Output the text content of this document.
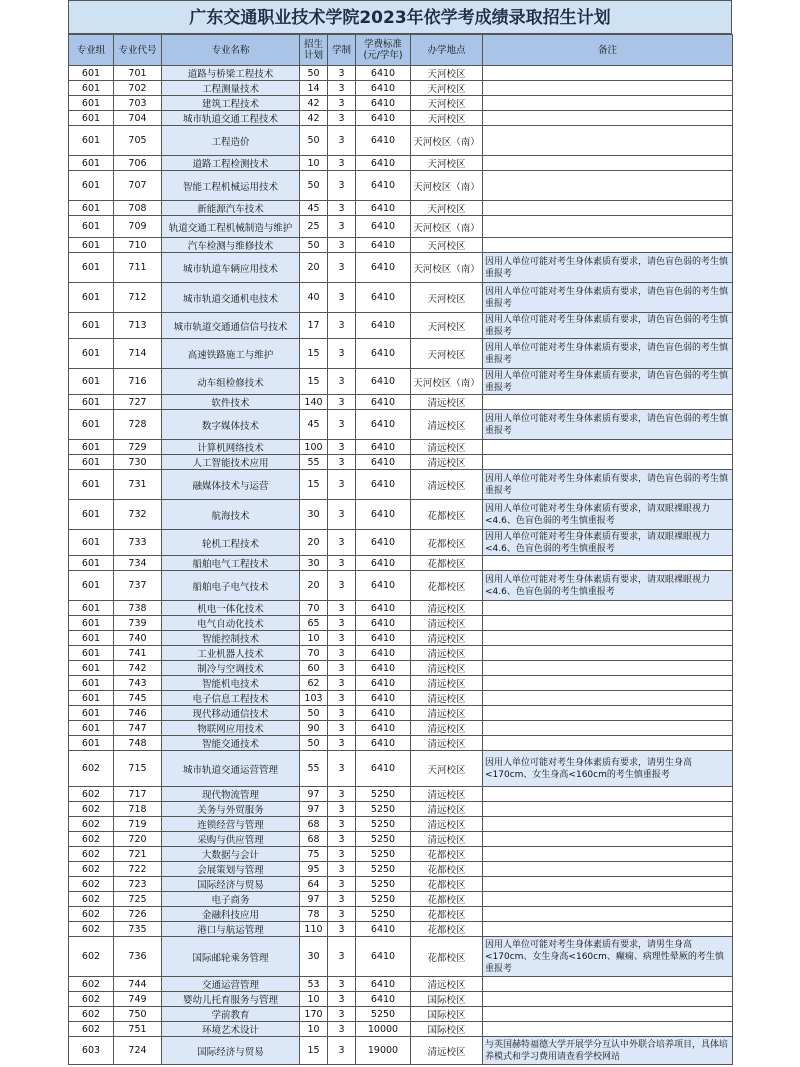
广东交通职业技术学院2023年依学考成绩录取招生计划
专业组	专业代号	专业名称	招生计划	学制	学费标准(元/学年)	办学地点	备注
601	701	道路与桥梁工程技术	50	3	6410	天河校区	
601	702	工程测量技术	14	3	6410	天河校区	
601	703	建筑工程技术	42	3	6410	天河校区	
601	704	城市轨道交通工程技术	42	3	6410	天河校区	
601	705	工程造价	50	3	6410	天河校区（南）	
601	706	道路工程检测技术	10	3	6410	天河校区	
601	707	智能工程机械运用技术	50	3	6410	天河校区（南）	
601	708	新能源汽车技术	45	3	6410	天河校区	
601	709	轨道交通工程机械制造与维护	25	3	6410	天河校区（南）	
601	710	汽车检测与维修技术	50	3	6410	天河校区	
601	711	城市轨道车辆应用技术	20	3	6410	天河校区（南）	因用人单位可能对考生身体素质有要求，请色盲色弱的考生慎重报考
601	712	城市轨道交通机电技术	40	3	6410	天河校区	因用人单位可能对考生身体素质有要求，请色盲色弱的考生慎重报考
601	713	城市轨道交通通信信号技术	17	3	6410	天河校区	因用人单位可能对考生身体素质有要求，请色盲色弱的考生慎重报考
601	714	高速铁路施工与维护	15	3	6410	天河校区	因用人单位可能对考生身体素质有要求，请色盲色弱的考生慎重报考
601	716	动车组检修技术	15	3	6410	天河校区（南）	因用人单位可能对考生身体素质有要求，请色盲色弱的考生慎重报考
601	727	软件技术	140	3	6410	清远校区	
601	728	数字媒体技术	45	3	6410	清远校区	因用人单位可能对考生身体素质有要求，请色盲色弱的考生慎重报考
601	729	计算机网络技术	100	3	6410	清远校区	
601	730	人工智能技术应用	55	3	6410	清远校区	
601	731	融媒体技术与运营	15	3	6410	清远校区	因用人单位可能对考生身体素质有要求，请色盲色弱的考生慎重报考
601	732	航海技术	30	3	6410	花都校区	因用人单位可能对考生身体素质有要求，请双眼裸眼视力<4.6、色盲色弱的考生慎重报考
601	733	轮机工程技术	20	3	6410	花都校区	因用人单位可能对考生身体素质有要求，请双眼裸眼视力<4.6、色盲色弱的考生慎重报考
601	734	船舶电气工程技术	30	3	6410	花都校区	
601	737	船舶电子电气技术	20	3	6410	花都校区	因用人单位可能对考生身体素质有要求，请双眼裸眼视力<4.6、色盲色弱的考生慎重报考
601	738	机电一体化技术	70	3	6410	清远校区	
601	739	电气自动化技术	65	3	6410	清远校区	
601	740	智能控制技术	10	3	6410	清远校区	
601	741	工业机器人技术	70	3	6410	清远校区	
601	742	制冷与空调技术	60	3	6410	清远校区	
601	743	智能机电技术	62	3	6410	清远校区	
601	745	电子信息工程技术	103	3	6410	清远校区	
601	746	现代移动通信技术	50	3	6410	清远校区	
601	747	物联网应用技术	90	3	6410	清远校区	
601	748	智能交通技术	50	3	6410	清远校区	
602	715	城市轨道交通运营管理	55	3	6410	天河校区	因用人单位可能对考生身体素质有要求，请男生身高<170cm、女生身高<160cm的考生慎重报考
602	717	现代物流管理	97	3	5250	清远校区	
602	718	关务与外贸服务	97	3	5250	清远校区	
602	719	连锁经营与管理	68	3	5250	清远校区	
602	720	采购与供应管理	68	3	5250	清远校区	
602	721	大数据与会计	75	3	5250	花都校区	
602	722	会展策划与管理	95	3	5250	花都校区	
602	723	国际经济与贸易	64	3	5250	花都校区	
602	725	电子商务	97	3	5250	花都校区	
602	726	金融科技应用	78	3	5250	花都校区	
602	735	港口与航运管理	110	3	6410	花都校区	
602	736	国际邮轮乘务管理	30	3	6410	花都校区	因用人单位可能对考生身体素质有要求，请男生身高<170cm、女生身高<160cm、癫痫、病理性晕厥的考生慎重报考
602	744	交通运营管理	53	3	6410	清远校区	
602	749	婴幼儿托育服务与管理	10	3	6410	国际校区	
602	750	学前教育	170	3	5250	国际校区	
602	751	环境艺术设计	10	3	10000	国际校区	
603	724	国际经济与贸易	15	3	19000	清远校区	与英国赫特福德大学开展学分互认中外联合培养项目，具体培养模式和学习费用请查看学校网站
